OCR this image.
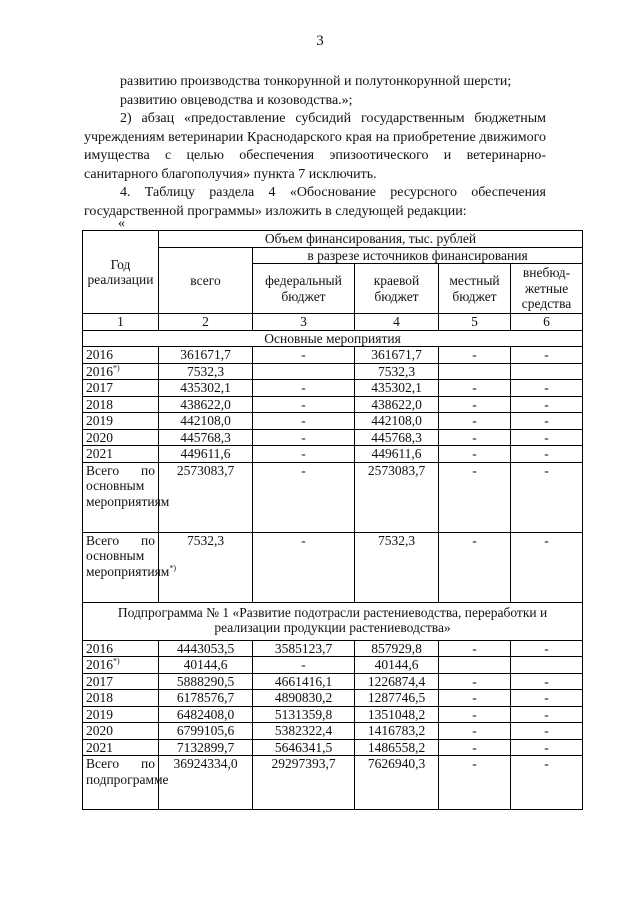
3
развитию производства тонкорунной и полутонкорунной шерсти;
развитию овцеводства и козоводства.»;
2) абзац «предоставление субсидий государственным бюджетным учреждениям ветеринарии Краснодарского края на приобретение движимого имущества с целью обеспечения эпизоотического и ветеринарно-санитарного благополучия» пункта 7 исключить.
4. Таблицу раздела 4 «Обоснование ресурсного обеспечения государственной программы» изложить в следующей редакции:
«
Год реализации	Объем финансирования, тыс. рублей				
	всего	в разрезе источников финансирования			
		федеральный бюджет	краевой бюджет	местный бюджет	внебюд-жетные средства
1	2	3	4	5	6
Основные мероприятия					
2016	361671,7	-	361671,7	-	-
2016*)	7532,3		7532,3		
2017	435302,1	-	435302,1	-	-
2018	438622,0	-	438622,0	-	-
2019	442108,0	-	442108,0	-	-
2020	445768,3	-	445768,3	-	-
2021	449611,6	-	449611,6	-	-
Всего по основным мероприятиям	2573083,7	-	2573083,7	-	-
Всего по основным мероприятиям*)	7532,3	-	7532,3	-	-
Подпрограмма № 1 «Развитие подотрасли растениеводства, переработки и реализации продукции растениеводства»					
2016	4443053,5	3585123,7	857929,8	-	-
2016*)	40144,6	-	40144,6		
2017	5888290,5	4661416,1	1226874,4	-	-
2018	6178576,7	4890830,2	1287746,5	-	-
2019	6482408,0	5131359,8	1351048,2	-	-
2020	6799105,6	5382322,4	1416783,2	-	-
2021	7132899,7	5646341,5	1486558,2	-	-
Всего по подпрограмме	36924334,0	29297393,7	7626940,3	-	-
